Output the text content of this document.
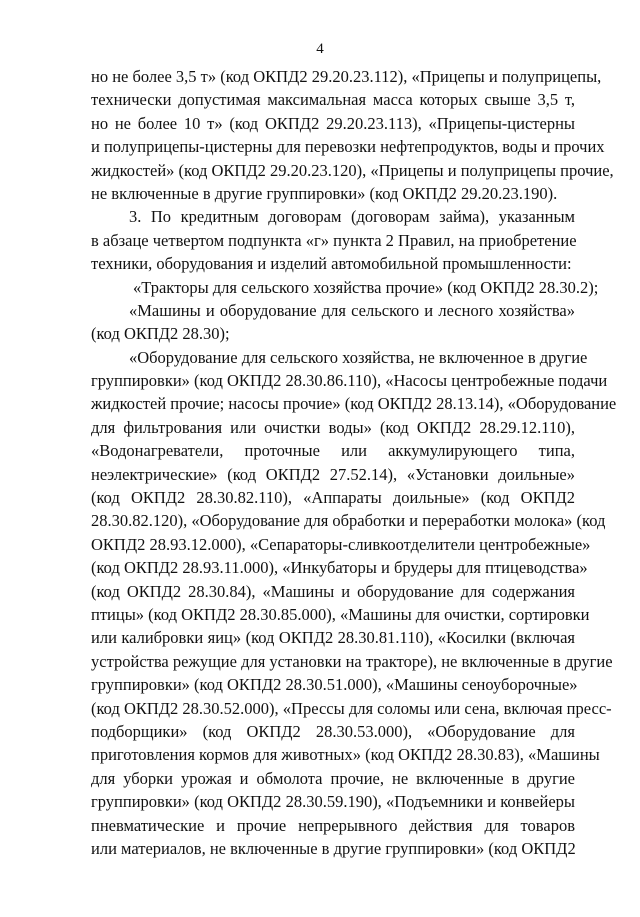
4
но не более 3,5 т» (код ОКПД2 29.20.23.112), «Прицепы и полуприцепы,
технически допустимая максимальная масса которых свыше 3,5 т,
но не более 10 т» (код ОКПД2 29.20.23.113), «Прицепы-цистерны
и полуприцепы-цистерны для перевозки нефтепродуктов, воды и прочих
жидкостей» (код ОКПД2 29.20.23.120), «Прицепы и полуприцепы прочие,
не включенные в другие группировки» (код ОКПД2 29.20.23.190).
3. По кредитным договорам (договорам займа), указанным
в абзаце четвертом подпункта «г» пункта 2 Правил, на приобретение
техники, оборудования и изделий автомобильной промышленности:
«Тракторы для сельского хозяйства прочие» (код ОКПД2 28.30.2);
«Машины и оборудование для сельского и лесного хозяйства»
(код ОКПД2 28.30);
«Оборудование для сельского хозяйства, не включенное в другие
группировки» (код ОКПД2 28.30.86.110), «Насосы центробежные подачи
жидкостей прочие; насосы прочие» (код ОКПД2 28.13.14), «Оборудование
для фильтрования или очистки воды» (код ОКПД2 28.29.12.110),
«Водонагреватели, проточные или аккумулирующего типа,
неэлектрические» (код ОКПД2 27.52.14), «Установки доильные»
(код ОКПД2 28.30.82.110), «Аппараты доильные» (код ОКПД2
28.30.82.120), «Оборудование для обработки и переработки молока» (код
ОКПД2 28.93.12.000), «Сепараторы-сливкоотделители центробежные»
(код ОКПД2 28.93.11.000), «Инкубаторы и брудеры для птицеводства»
(код ОКПД2 28.30.84), «Машины и оборудование для содержания
птицы» (код ОКПД2 28.30.85.000), «Машины для очистки, сортировки
или калибровки яиц» (код ОКПД2 28.30.81.110), «Косилки (включая
устройства режущие для установки на тракторе), не включенные в другие
группировки» (код ОКПД2 28.30.51.000), «Машины сеноуборочные»
(код ОКПД2 28.30.52.000), «Прессы для соломы или сена, включая пресс-
подборщики» (код ОКПД2 28.30.53.000), «Оборудование для
приготовления кормов для животных» (код ОКПД2 28.30.83), «Машины
для уборки урожая и обмолота прочие, не включенные в другие
группировки» (код ОКПД2 28.30.59.190), «Подъемники и конвейеры
пневматические и прочие непрерывного действия для товаров
или материалов, не включенные в другие группировки» (код ОКПД2
